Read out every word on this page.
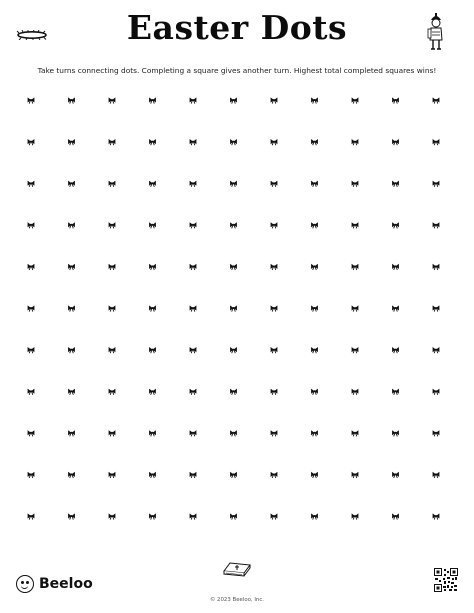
Easter Dots
Take turns connecting dots. Completing a square gives another turn. Highest total completed squares wins!
Beeloo
© 2023 Beeloo, Inc.
